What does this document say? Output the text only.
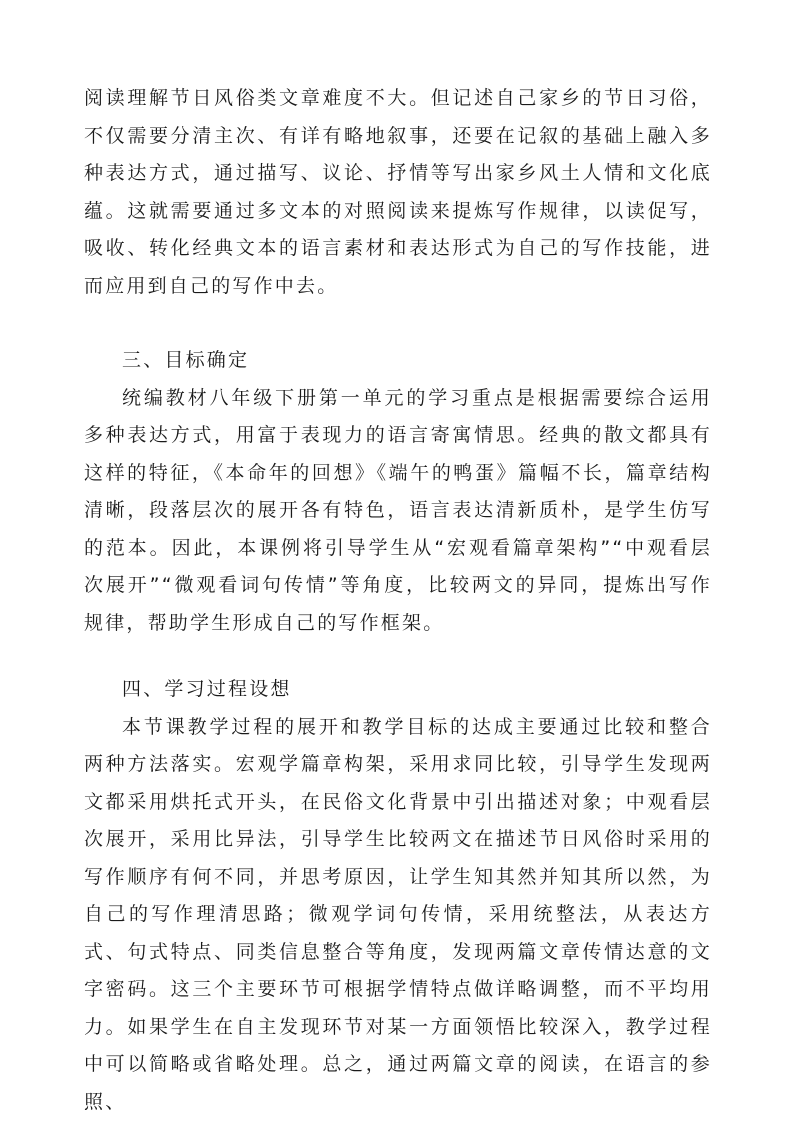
阅读理解节日风俗类文章难度不大。但记述自己家乡的节日习俗，不仅需要分清主次、有详有略地叙事，还要在记叙的基础上融入多种表达方式，通过描写、议论、抒情等写出家乡风土人情和文化底蕴。这就需要通过多文本的对照阅读来提炼写作规律，以读促写，吸收、转化经典文本的语言素材和表达形式为自己的写作技能，进而应用到自己的写作中去。

三、目标确定

统编教材八年级下册第一单元的学习重点是根据需要综合运用多种表达方式，用富于表现力的语言寄寓情思。经典的散文都具有这样的特征，《本命年的回想》《端午的鸭蛋》篇幅不长，篇章结构清晰，段落层次的展开各有特色，语言表达清新质朴，是学生仿写的范本。因此，本课例将引导学生从“宏观看篇章架构”“中观看层次展开”“微观看词句传情”等角度，比较两文的异同，提炼出写作规律，帮助学生形成自己的写作框架。

四、学习过程设想

本节课教学过程的展开和教学目标的达成主要通过比较和整合两种方法落实。宏观学篇章构架，采用求同比较，引导学生发现两文都采用烘托式开头，在民俗文化背景中引出描述对象；中观看层次展开，采用比异法，引导学生比较两文在描述节日风俗时采用的写作顺序有何不同，并思考原因，让学生知其然并知其所以然，为自己的写作理清思路；微观学词句传情，采用统整法，从表达方式、句式特点、同类信息整合等角度，发现两篇文章传情达意的文字密码。这三个主要环节可根据学情特点做详略调整，而不平均用力。如果学生在自主发现环节对某一方面领悟比较深入，教学过程中可以简略或省略处理。总之，通过两篇文章的阅读，在语言的参照、
